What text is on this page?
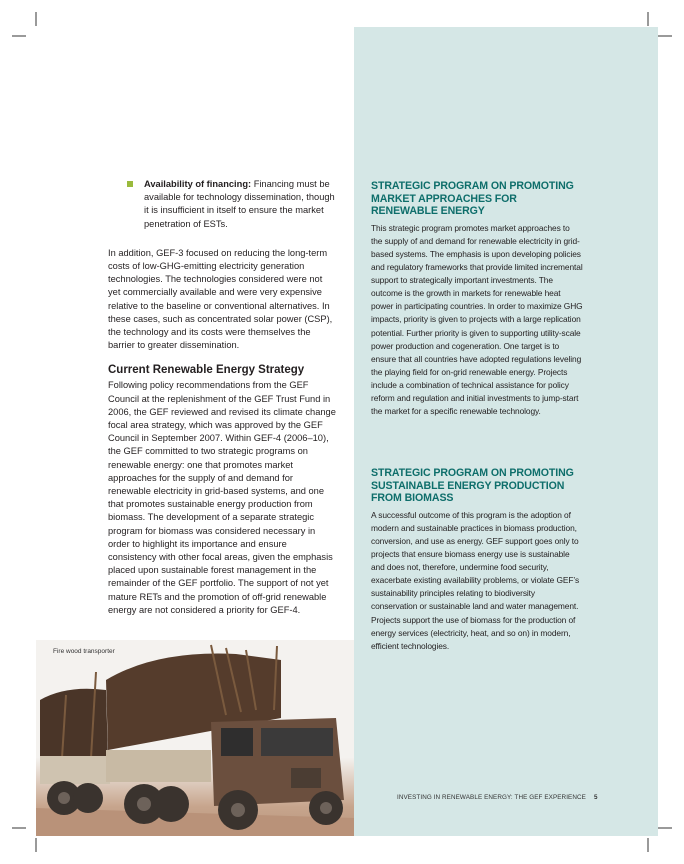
Availability of financing: Financing must be available for technology dissemination, though it is insufficient in itself to ensure the market penetration of ESTs.

In addition, GEF-3 focused on reducing the long-term costs of low-GHG-emitting electricity generation technologies. The technologies considered were not yet commercially available and were very expensive relative to the baseline or conventional alternatives. In these cases, such as concentrated solar power (CSP), the technology and its costs were themselves the barrier to greater dissemination.

Current Renewable Energy Strategy

Following policy recommendations from the GEF Council at the replenishment of the GEF Trust Fund in 2006, the GEF reviewed and revised its climate change focal area strategy, which was approved by the GEF Council in September 2007. Within GEF-4 (2006–10), the GEF committed to two strategic programs on renewable energy: one that promotes market approaches for the supply of and demand for renewable electricity in grid-based systems, and one that promotes sustainable energy production from biomass. The development of a separate strategic program for biomass was considered necessary in order to highlight its importance and ensure consistency with other focal areas, given the emphasis placed upon sustainable forest management in the remainder of the GEF portfolio. The support of not yet mature RETs and the promotion of off-grid renewable energy are not considered a priority for GEF-4.

STRATEGIC PROGRAM ON PROMOTING MARKET APPROACHES FOR RENEWABLE ENERGY

This strategic program promotes market approaches to the supply of and demand for renewable electricity in grid-based systems. The emphasis is upon developing policies and regulatory frameworks that provide limited incremental support to strategically important investments. The outcome is the growth in markets for renewable heat power in participating countries. In order to maximize GHG impacts, priority is given to projects with a large replication potential. Further priority is given to supporting utility-scale power production and cogeneration. One target is to ensure that all countries have adopted regulations leveling the playing field for on-grid renewable energy. Projects include a combination of technical assistance for policy reform and regulation and initial investments to jump-start the market for a specific renewable technology.

STRATEGIC PROGRAM ON PROMOTING SUSTAINABLE ENERGY PRODUCTION FROM BIOMASS

A successful outcome of this program is the adoption of modern and sustainable practices in biomass production, conversion, and use as energy. GEF support goes only to projects that ensure biomass energy use is sustainable and does not, therefore, undermine food security, exacerbate existing availability problems, or violate GEF’s sustainability principles relating to biodiversity conservation or sustainable land and water management. Projects support the use of biomass for the production of energy services (electricity, heat, and so on) in modern, efficient technologies.

Fire wood transporter
INVESTING IN RENEWABLE ENERGY: THE GEF EXPERIENCE 5
